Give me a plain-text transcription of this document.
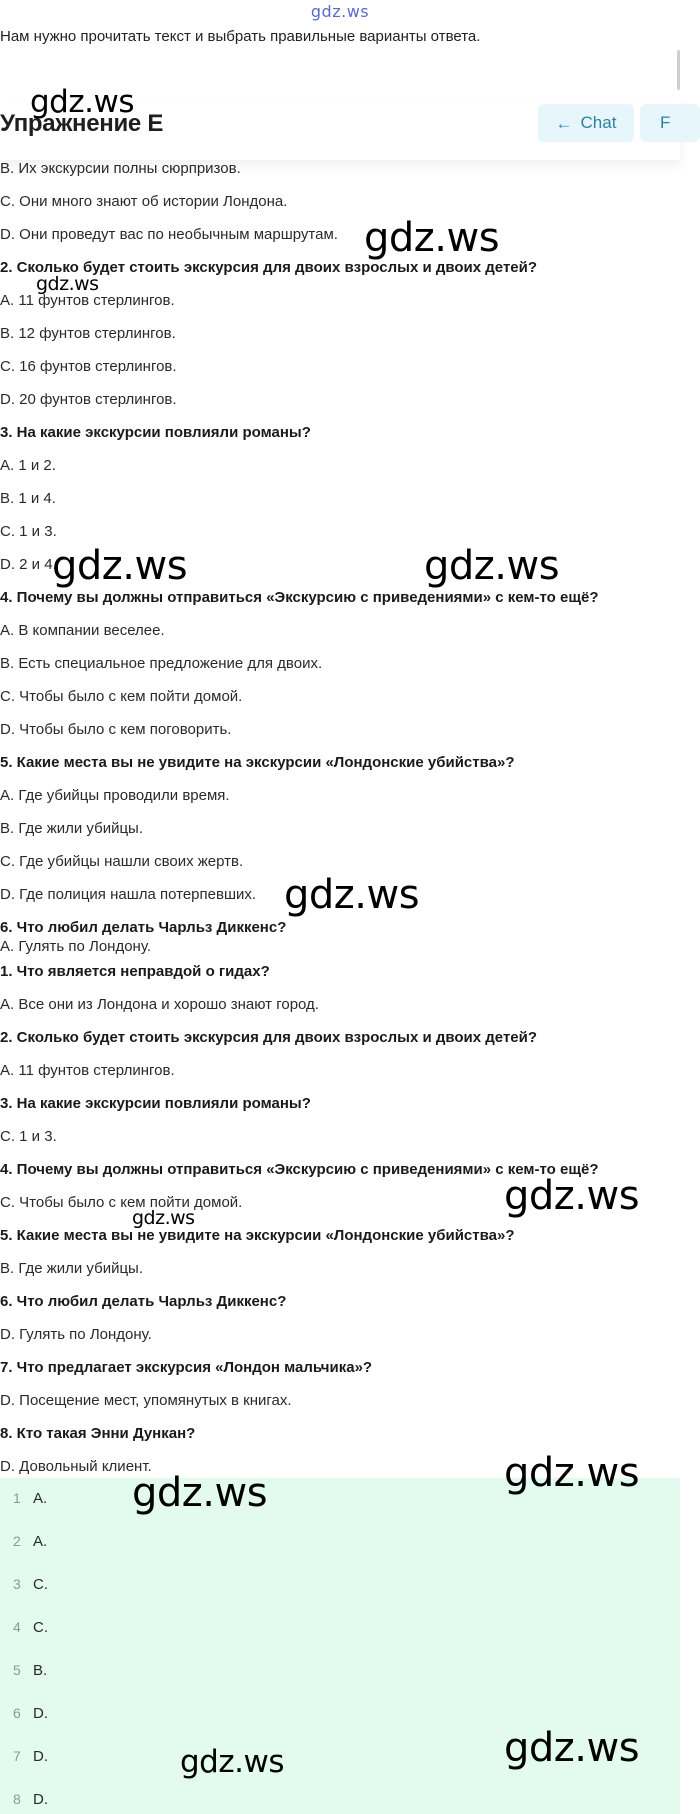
gdz.ws
Нам нужно прочитать текст и выбрать правильные варианты ответа.
B. Их экскурсии полны сюрпризов.
C. Они много знают об истории Лондона.
D. Они проведут вас по необычным маршрутам.
2. Сколько будет стоить экскурсия для двоих взрослых и двоих детей?
A. 11 фунтов стерлингов.
B. 12 фунтов стерлингов.
C. 16 фунтов стерлингов.
D. 20 фунтов стерлингов.
3. На какие экскурсии повлияли романы?
A. 1 и 2.
B. 1 и 4.
C. 1 и 3.
D. 2 и 4.
4. Почему вы должны отправиться «Экскурсию с приведениями» с кем-то ещё?
A. В компании веселее.
B. Есть специальное предложение для двоих.
C. Чтобы было с кем пойти домой.
D. Чтобы было с кем поговорить.
5. Какие места вы не увидите на экскурсии «Лондонские убийства»?
A. Где убийцы проводили время.
B. Где жили убийцы.
C. Где убийцы нашли своих жертв.
D. Где полиция нашла потерпевших.
6. Что любил делать Чарльз Диккенс?
A. Гулять по Лондону.
1. Что является неправдой о гидах?
A. Все они из Лондона и хорошо знают город.
2. Сколько будет стоить экскурсия для двоих взрослых и двоих детей?
A. 11 фунтов стерлингов.
3. На какие экскурсии повлияли романы?
C. 1 и 3.
4. Почему вы должны отправиться «Экскурсию с приведениями» с кем-то ещё?
C. Чтобы было с кем пойти домой.
5. Какие места вы не увидите на экскурсии «Лондонские убийства»?
B. Где жили убийцы.
6. Что любил делать Чарльз Диккенс?
D. Гулять по Лондону.
7. Что предлагает экскурсия «Лондон мальчика»?
D. Посещение мест, упомянутых в книгах.
8. Кто такая Энни Дункан?
D. Довольный клиент.
1 A.
2 A.
3 C.
4 C.
5 B.
6 D.
7 D.
8 D.
Упражнение E	← Chat	F
gdz.ws
gdz.ws
gdz.ws
gdz.ws	gdz.ws
gdz.ws
gdz.ws
gdz.ws
gdz.ws
gdz.ws
gdz.ws
gdz.ws
